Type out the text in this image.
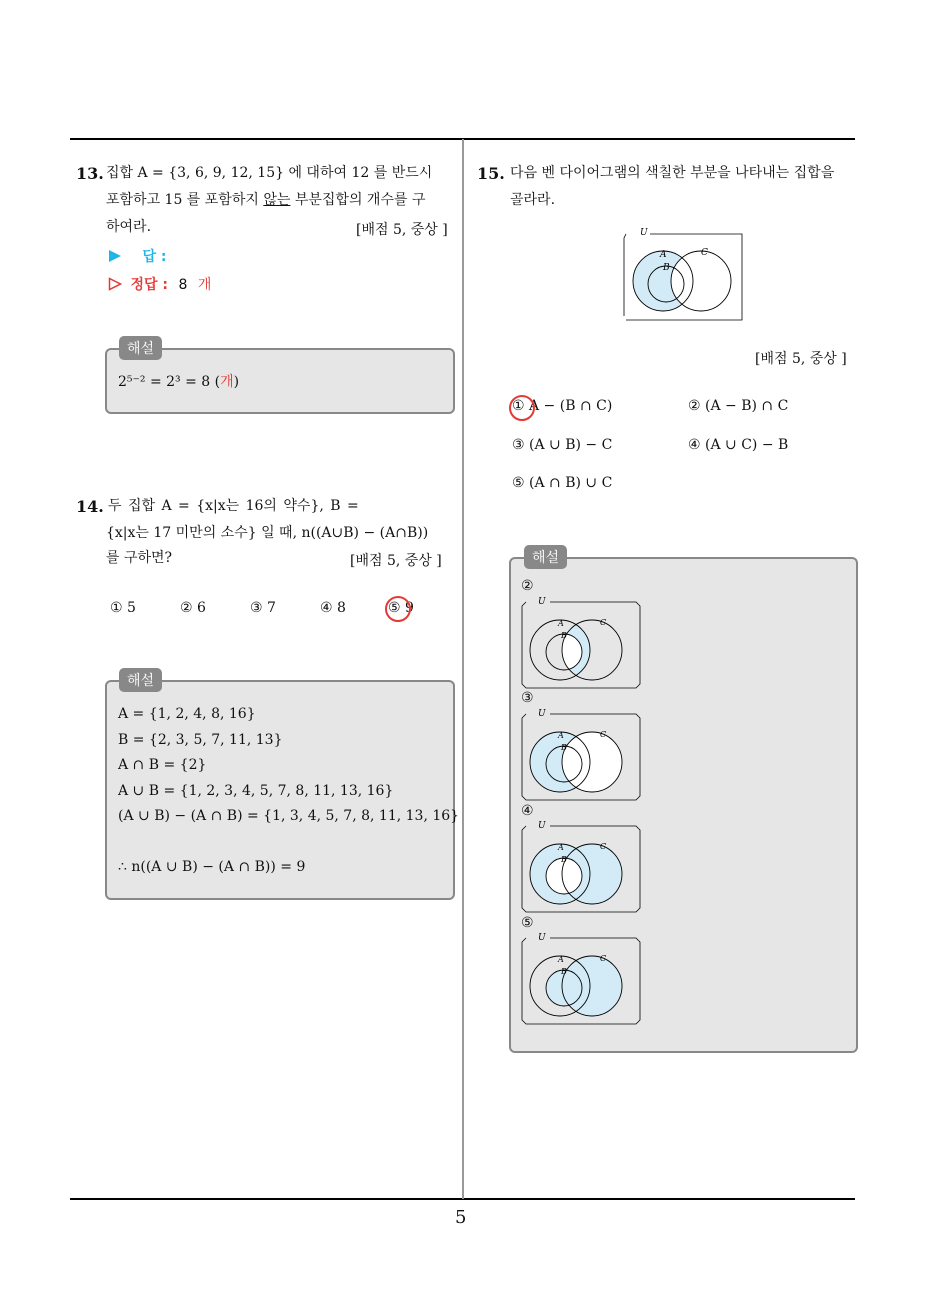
13. 집합 A = {3, 6, 9, 12, 15} 에 대하여 12 를 반드시
포함하고 15 를 포함하지 않는 부분집합의 개수를 구
하여라.	[배점 5, 중상 ]
답 :
정답 : 8 개
해설
2⁵⁻² = 2³ = 8 (개)
14. 두 집합 A = {x|x는 16의 약수}, B =
{x|x는 17 미만의 소수} 일 때, n((A∪B) − (A∩B))
를 구하면?	[배점 5, 중상 ]
① 5	② 6	③ 7	④ 8	⑤ 9
해설
A = {1, 2, 4, 8, 16}
B = {2, 3, 5, 7, 11, 13}
A ∩ B = {2}
A ∪ B = {1, 2, 3, 4, 5, 7, 8, 11, 13, 16}
(A ∪ B) − (A ∩ B) = {1, 3, 4, 5, 7, 8, 11, 13, 16}
∴ n((A ∪ B) − (A ∩ B)) = 9
15. 다음 벤 다이어그램의 색칠한 부분을 나타내는 집합을
골라라.
U
A
B
C
[배점 5, 중상 ]
① A − (B ∩ C)	② (A − B) ∩ C
③ (A ∪ B) − C	④ (A ∪ C) − B
⑤ (A ∩ B) ∪ C
해설
②
U
A
B
C
③
U
A
B
C
④
U
A
B
C
⑤
U
A
B
C
5
